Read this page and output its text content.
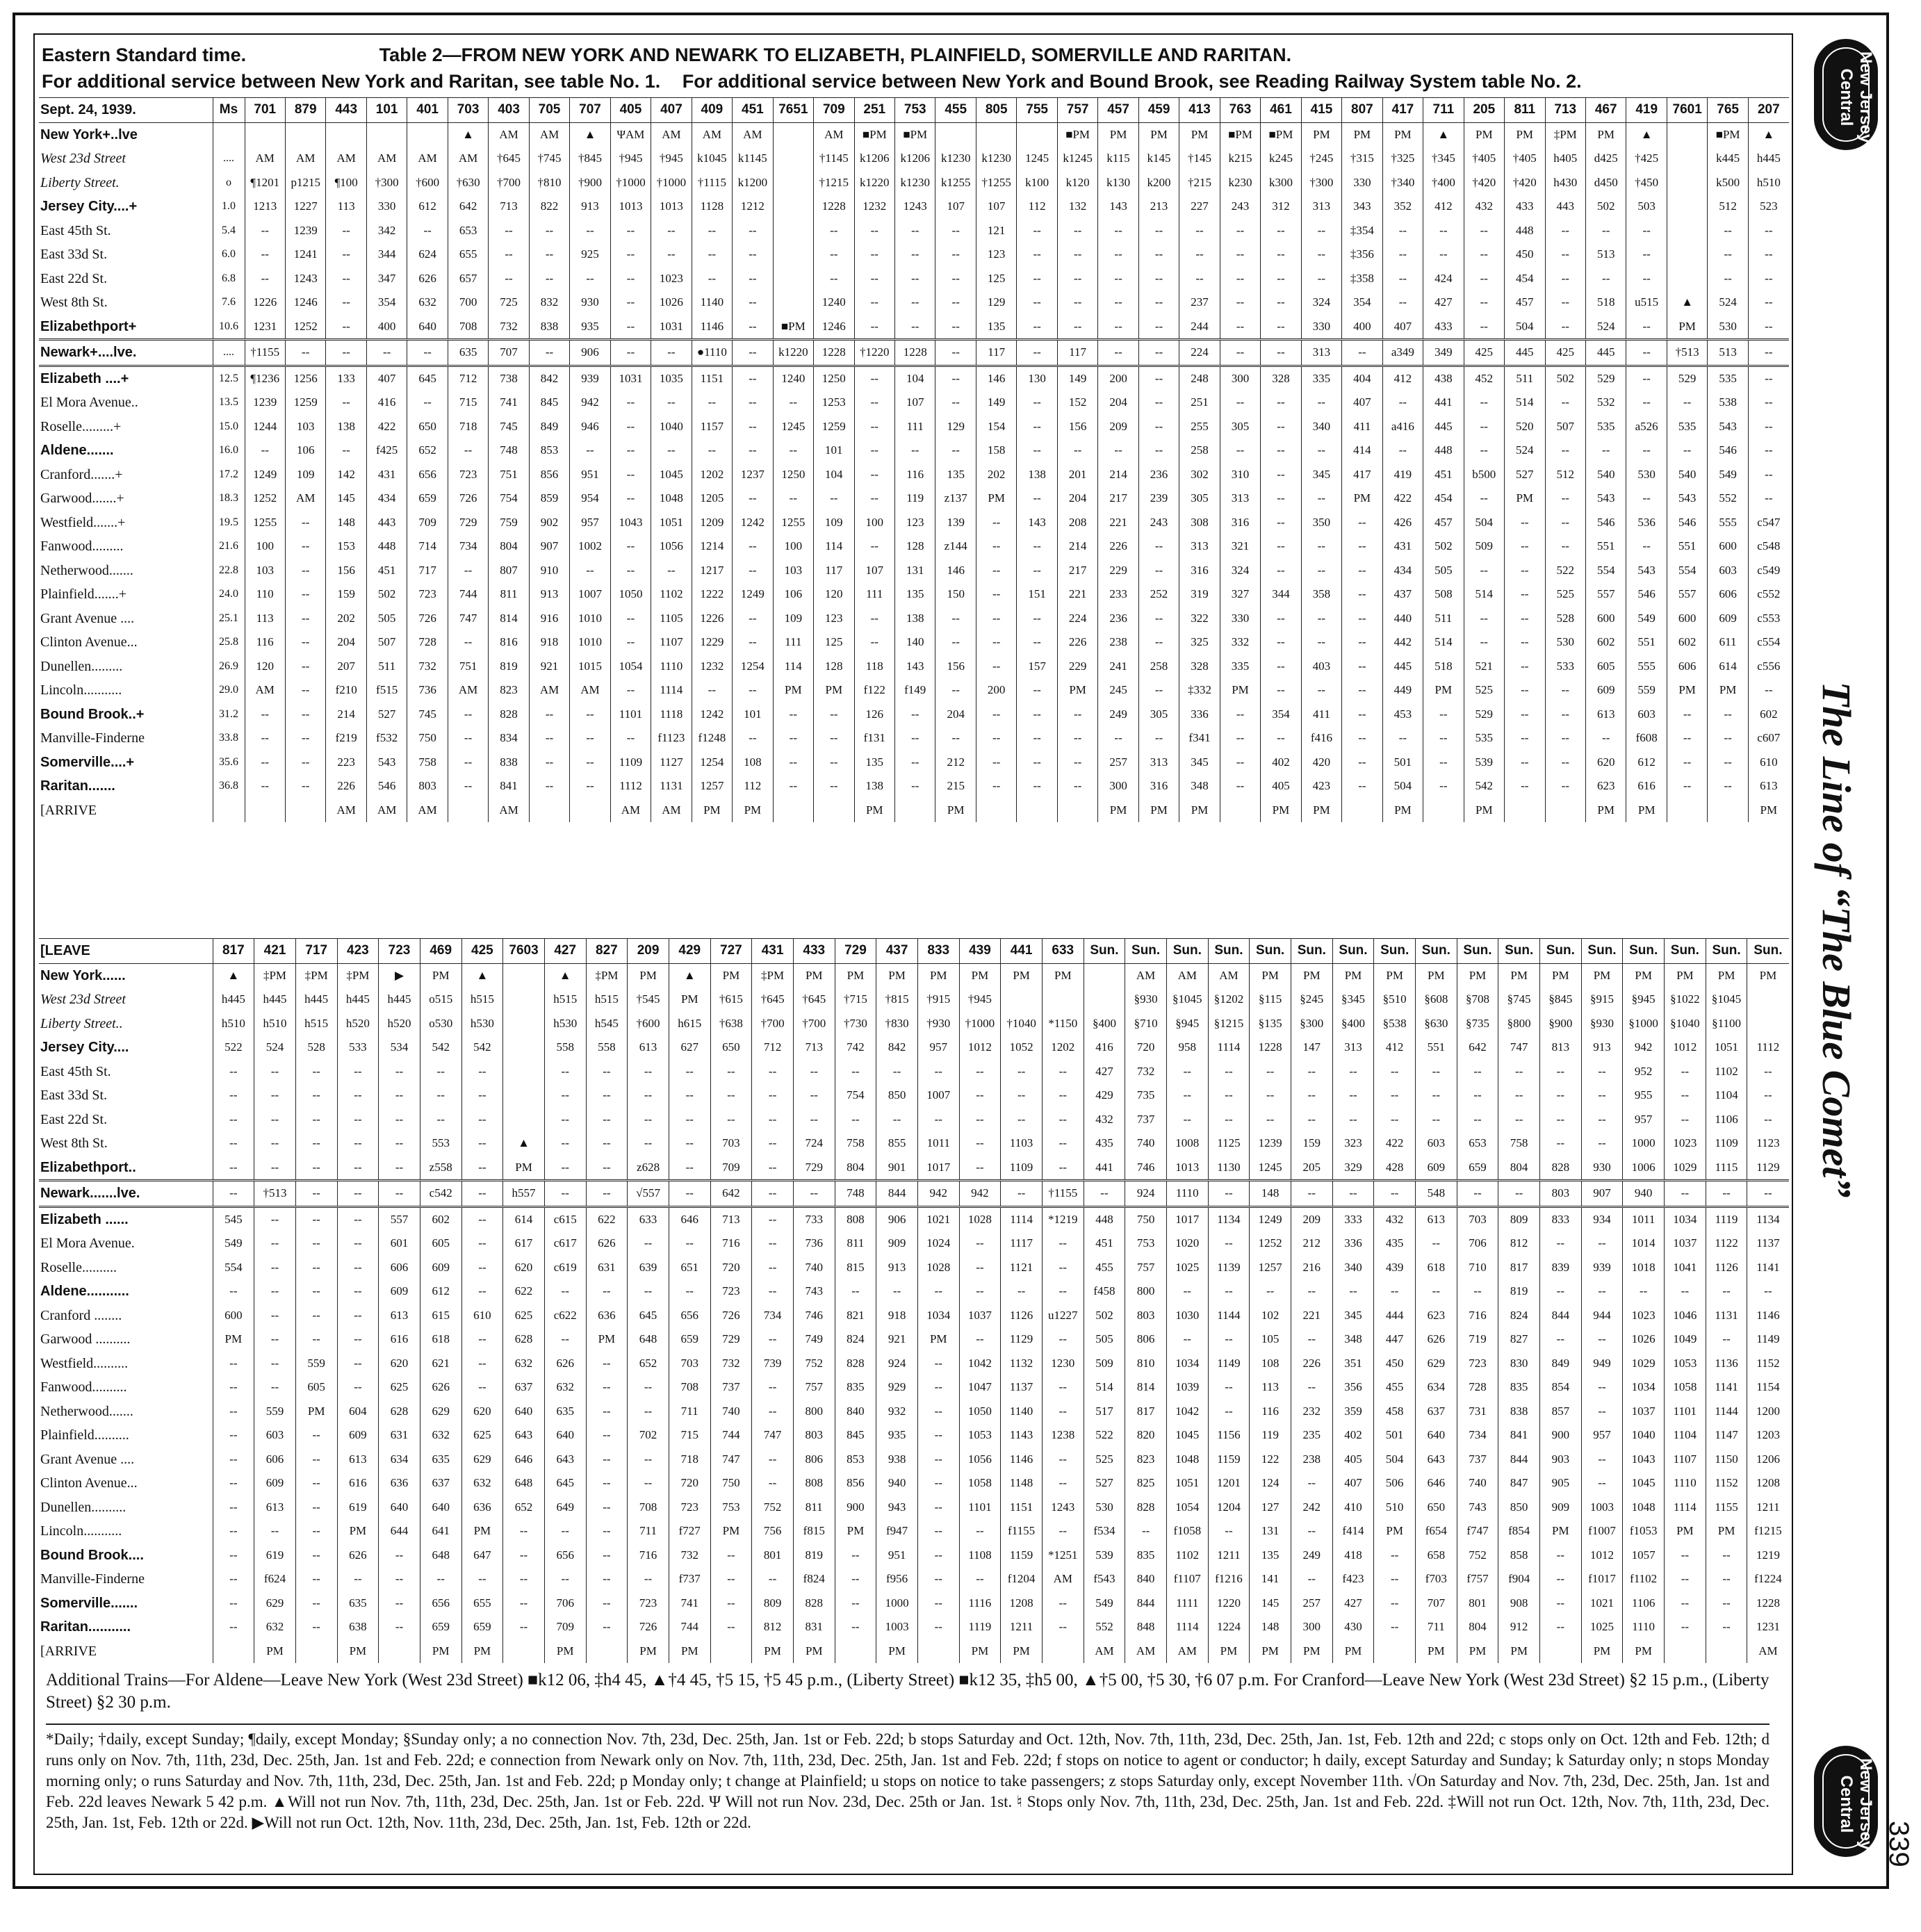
Eastern Standard time.	Table 2—FROM NEW YORK AND NEWARK TO ELIZABETH, PLAINFIELD, SOMERVILLE AND RARITAN.
For additional service between New York and Raritan, see table No. 1. For additional service between New York and Bound Brook, see Reading Railway System table No. 2.
Sept. 24, 1939.	Ms	701	879	443	101	401	703	403	705	707	405	407	409	451	7651	709	251	753	455	805	755	757	457	459	413	763	461	415	807	417	711	205	811	713	467	419	7601	765	207
New York+..lve							▲	AM	AM	▲	ΨAM	AM	AM	AM		AM	■PM	■PM				■PM	PM	PM	PM	■PM	■PM	PM	PM	PM	▲	PM	PM	‡PM	PM	▲		■PM	▲
West 23d Street	....	AM	AM	AM	AM	AM	AM	†645	†745	†845	†945	†945	k1045	k1145		†1145	k1206	k1206	k1230	k1230	1245	k1245	k115	k145	†145	k215	k245	†245	†315	†325	†345	†405	†405	h405	d425	†425		k445	h445
Liberty Street.	o	¶1201	p1215	¶100	†300	†600	†630	†700	†810	†900	†1000	†1000	†1115	k1200		†1215	k1220	k1230	k1255	†1255	k100	k120	k130	k200	†215	k230	k300	†300	330	†340	†400	†420	†420	h430	d450	†450		k500	h510
Jersey City....+	1.0	1213	1227	113	330	612	642	713	822	913	1013	1013	1128	1212		1228	1232	1243	107	107	112	132	143	213	227	243	312	313	343	352	412	432	433	443	502	503		512	523
East 45th St.	5.4	--	1239	--	342	--	653	--	--	--	--	--	--	--		--	--	--	--	121	--	--	--	--	--	--	--	--	‡354	--	--	--	448	--	--	--		--	--
East 33d St.	6.0	--	1241	--	344	624	655	--	--	925	--	--	--	--		--	--	--	--	123	--	--	--	--	--	--	--	--	‡356	--	--	--	450	--	513	--		--	--
East 22d St.	6.8	--	1243	--	347	626	657	--	--	--	--	1023	--	--		--	--	--	--	125	--	--	--	--	--	--	--	--	‡358	--	424	--	454	--	--	--		--	--
West 8th St.	7.6	1226	1246	--	354	632	700	725	832	930	--	1026	1140	--		1240	--	--	--	129	--	--	--	--	237	--	--	324	354	--	427	--	457	--	518	u515	▲	524	--
Elizabethport+	10.6	1231	1252	--	400	640	708	732	838	935	--	1031	1146	--	■PM	1246	--	--	--	135	--	--	--	--	244	--	--	330	400	407	433	--	504	--	524	--	PM	530	--
Newark+....lve.	....	†1155	--	--	--	--	635	707	--	906	--	--	●1110	--	k1220	1228	†1220	1228	--	117	--	117	--	--	224	--	--	313	--	a349	349	425	445	425	445	--	†513	513	--
Elizabeth ....+	12.5	¶1236	1256	133	407	645	712	738	842	939	1031	1035	1151	--	1240	1250	--	104	--	146	130	149	200	--	248	300	328	335	404	412	438	452	511	502	529	--	529	535	--
El Mora Avenue..	13.5	1239	1259	--	416	--	715	741	845	942	--	--	--	--	--	1253	--	107	--	149	--	152	204	--	251	--	--	--	407	--	441	--	514	--	532	--	--	538	--
Roselle.........+	15.0	1244	103	138	422	650	718	745	849	946	--	1040	1157	--	1245	1259	--	111	129	154	--	156	209	--	255	305	--	340	411	a416	445	--	520	507	535	a526	535	543	--
Aldene.......	16.0	--	106	--	f425	652	--	748	853	--	--	--	--	--	--	101	--	--	--	158	--	--	--	--	258	--	--	--	414	--	448	--	524	--	--	--	--	546	--
Cranford.......+	17.2	1249	109	142	431	656	723	751	856	951	--	1045	1202	1237	1250	104	--	116	135	202	138	201	214	236	302	310	--	345	417	419	451	b500	527	512	540	530	540	549	--
Garwood.......+	18.3	1252	AM	145	434	659	726	754	859	954	--	1048	1205	--	--	--	--	119	z137	PM	--	204	217	239	305	313	--	--	PM	422	454	--	PM	--	543	--	543	552	--
Westfield.......+	19.5	1255	--	148	443	709	729	759	902	957	1043	1051	1209	1242	1255	109	100	123	139	--	143	208	221	243	308	316	--	350	--	426	457	504	--	--	546	536	546	555	c547
Fanwood.........	21.6	100	--	153	448	714	734	804	907	1002	--	1056	1214	--	100	114	--	128	z144	--	--	214	226	--	313	321	--	--	--	431	502	509	--	--	551	--	551	600	c548
Netherwood.......	22.8	103	--	156	451	717	--	807	910	--	--	--	1217	--	103	117	107	131	146	--	--	217	229	--	316	324	--	--	--	434	505	--	--	522	554	543	554	603	c549
Plainfield.......+	24.0	110	--	159	502	723	744	811	913	1007	1050	1102	1222	1249	106	120	111	135	150	--	151	221	233	252	319	327	344	358	--	437	508	514	--	525	557	546	557	606	c552
Grant Avenue ....	25.1	113	--	202	505	726	747	814	916	1010	--	1105	1226	--	109	123	--	138	--	--	--	224	236	--	322	330	--	--	--	440	511	--	--	528	600	549	600	609	c553
Clinton Avenue...	25.8	116	--	204	507	728	--	816	918	1010	--	1107	1229	--	111	125	--	140	--	--	--	226	238	--	325	332	--	--	--	442	514	--	--	530	602	551	602	611	c554
Dunellen.........	26.9	120	--	207	511	732	751	819	921	1015	1054	1110	1232	1254	114	128	118	143	156	--	157	229	241	258	328	335	--	403	--	445	518	521	--	533	605	555	606	614	c556
Lincoln...........	29.0	AM	--	f210	f515	736	AM	823	AM	AM	--	1114	--	--	PM	PM	f122	f149	--	200	--	PM	245	--	‡332	PM	--	--	--	449	PM	525	--	--	609	559	PM	PM	--
Bound Brook..+	31.2	--	--	214	527	745	--	828	--	--	1101	1118	1242	101	--	--	126	--	204	--	--	--	249	305	336	--	354	411	--	453	--	529	--	--	613	603	--	--	602
Manville-Finderne	33.8	--	--	f219	f532	750	--	834	--	--	--	f1123	f1248	--	--	--	f131	--	--	--	--	--	--	--	f341	--	--	f416	--	--	--	535	--	--	--	f608	--	--	c607
Somerville....+	35.6	--	--	223	543	758	--	838	--	--	1109	1127	1254	108	--	--	135	--	212	--	--	--	257	313	345	--	402	420	--	501	--	539	--	--	620	612	--	--	610
Raritan.......	36.8	--	--	226	546	803	--	841	--	--	1112	1131	1257	112	--	--	138	--	215	--	--	--	300	316	348	--	405	423	--	504	--	542	--	--	623	616	--	--	613
[ARRIVE				AM	AM	AM		AM			AM	AM	PM	PM			PM		PM				PM	PM	PM		PM	PM		PM		PM			PM	PM			PM
[LEAVE	817	421	717	423	723	469	425	7603	427	827	209	429	727	431	433	729	437	833	439	441	633	Sun.	Sun.	Sun.	Sun.	Sun.	Sun.	Sun.	Sun.	Sun.	Sun.	Sun.	Sun.	Sun.	Sun.	Sun.	Sun.	Sun.
New York......	▲	‡PM	‡PM	‡PM	▶	PM	▲		▲	‡PM	PM	▲	PM	‡PM	PM	PM	PM	PM	PM	PM	PM		AM	AM	AM	PM	PM	PM	PM	PM	PM	PM	PM	PM	PM	PM	PM	PM
West 23d Street	h445	h445	h445	h445	h445	o515	h515		h515	h515	†545	PM	†615	†645	†645	†715	†815	†915	†945				§930	§1045	§1202	§115	§245	§345	§510	§608	§708	§745	§845	§915	§945	§1022	§1045	
Liberty Street..	h510	h510	h515	h520	h520	o530	h530		h530	h545	†600	h615	†638	†700	†700	†730	†830	†930	†1000	†1040	*1150	§400	§710	§945	§1215	§135	§300	§400	§538	§630	§735	§800	§900	§930	§1000	§1040	§1100	
Jersey City....	522	524	528	533	534	542	542		558	558	613	627	650	712	713	742	842	957	1012	1052	1202	416	720	958	1114	1228	147	313	412	551	642	747	813	913	942	1012	1051	1112
East 45th St.	--	--	--	--	--	--	--		--	--	--	--	--	--	--	--	--	--	--	--	--	427	732	--	--	--	--	--	--	--	--	--	--	--	952	--	1102	--
East 33d St.	--	--	--	--	--	--	--		--	--	--	--	--	--	--	754	850	1007	--	--	--	429	735	--	--	--	--	--	--	--	--	--	--	--	955	--	1104	--
East 22d St.	--	--	--	--	--	--	--		--	--	--	--	--	--	--	--	--	--	--	--	--	432	737	--	--	--	--	--	--	--	--	--	--	--	957	--	1106	--
West 8th St.	--	--	--	--	--	553	--	▲	--	--	--	--	703	--	724	758	855	1011	--	1103	--	435	740	1008	1125	1239	159	323	422	603	653	758	--	--	1000	1023	1109	1123
Elizabethport..	--	--	--	--	--	z558	--	PM	--	--	z628	--	709	--	729	804	901	1017	--	1109	--	441	746	1013	1130	1245	205	329	428	609	659	804	828	930	1006	1029	1115	1129
Newark.......lve.	--	†513	--	--	--	c542	--	h557	--	--	√557	--	642	--	--	748	844	942	942	--	†1155	--	924	1110	--	148	--	--	--	548	--	--	803	907	940	--	--	--
Elizabeth ......	545	--	--	--	557	602	--	614	c615	622	633	646	713	--	733	808	906	1021	1028	1114	*1219	448	750	1017	1134	1249	209	333	432	613	703	809	833	934	1011	1034	1119	1134
El Mora Avenue.	549	--	--	--	601	605	--	617	c617	626	--	--	716	--	736	811	909	1024	--	1117	--	451	753	1020	--	1252	212	336	435	--	706	812	--	--	1014	1037	1122	1137
Roselle..........	554	--	--	--	606	609	--	620	c619	631	639	651	720	--	740	815	913	1028	--	1121	--	455	757	1025	1139	1257	216	340	439	618	710	817	839	939	1018	1041	1126	1141
Aldene...........	--	--	--	--	609	612	--	622	--	--	--	--	723	--	743	--	--	--	--	--	--	f458	800	--	--	--	--	--	--	--	--	819	--	--	--	--	--	--
Cranford ........	600	--	--	--	613	615	610	625	c622	636	645	656	726	734	746	821	918	1034	1037	1126	u1227	502	803	1030	1144	102	221	345	444	623	716	824	844	944	1023	1046	1131	1146
Garwood ..........	PM	--	--	--	616	618	--	628	--	PM	648	659	729	--	749	824	921	PM	--	1129	--	505	806	--	--	105	--	348	447	626	719	827	--	--	1026	1049	--	1149
Westfield..........	--	--	559	--	620	621	--	632	626	--	652	703	732	739	752	828	924	--	1042	1132	1230	509	810	1034	1149	108	226	351	450	629	723	830	849	949	1029	1053	1136	1152
Fanwood..........	--	--	605	--	625	626	--	637	632	--	--	708	737	--	757	835	929	--	1047	1137	--	514	814	1039	--	113	--	356	455	634	728	835	854	--	1034	1058	1141	1154
Netherwood.......	--	559	PM	604	628	629	620	640	635	--	--	711	740	--	800	840	932	--	1050	1140	--	517	817	1042	--	116	232	359	458	637	731	838	857	--	1037	1101	1144	1200
Plainfield..........	--	603	--	609	631	632	625	643	640	--	702	715	744	747	803	845	935	--	1053	1143	1238	522	820	1045	1156	119	235	402	501	640	734	841	900	957	1040	1104	1147	1203
Grant Avenue ....	--	606	--	613	634	635	629	646	643	--	--	718	747	--	806	853	938	--	1056	1146	--	525	823	1048	1159	122	238	405	504	643	737	844	903	--	1043	1107	1150	1206
Clinton Avenue...	--	609	--	616	636	637	632	648	645	--	--	720	750	--	808	856	940	--	1058	1148	--	527	825	1051	1201	124	--	407	506	646	740	847	905	--	1045	1110	1152	1208
Dunellen..........	--	613	--	619	640	640	636	652	649	--	708	723	753	752	811	900	943	--	1101	1151	1243	530	828	1054	1204	127	242	410	510	650	743	850	909	1003	1048	1114	1155	1211
Lincoln...........	--	--	--	PM	644	641	PM	--	--	--	711	f727	PM	756	f815	PM	f947	--	--	f1155	--	f534	--	f1058	--	131	--	f414	PM	f654	f747	f854	PM	f1007	f1053	PM	PM	f1215
Bound Brook....	--	619	--	626	--	648	647	--	656	--	716	732	--	801	819	--	951	--	1108	1159	*1251	539	835	1102	1211	135	249	418	--	658	752	858	--	1012	1057	--	--	1219
Manville-Finderne	--	f624	--	--	--	--	--	--	--	--	--	f737	--	--	f824	--	f956	--	--	f1204	AM	f543	840	f1107	f1216	141	--	f423	--	f703	f757	f904	--	f1017	f1102	--	--	f1224
Somerville.......	--	629	--	635	--	656	655	--	706	--	723	741	--	809	828	--	1000	--	1116	1208	--	549	844	1111	1220	145	257	427	--	707	801	908	--	1021	1106	--	--	1228
Raritan...........	--	632	--	638	--	659	659	--	709	--	726	744	--	812	831	--	1003	--	1119	1211	--	552	848	1114	1224	148	300	430	--	711	804	912	--	1025	1110	--	--	1231
[ARRIVE		PM		PM		PM	PM		PM		PM	PM		PM	PM		PM		PM	PM		AM	AM	AM	PM	PM	PM	PM		PM	PM	PM		PM	PM			AM
Additional Trains—For Aldene—Leave New York (West 23d Street) ■k12 06, ‡h4 45, ▲†4 45, †5 15, †5 45 p.m., (Liberty Street) ■k12 35, ‡h5 00, ▲†5 00, †5 30, †6 07 p.m. For Cranford—Leave New York (West 23d Street) §2 15 p.m., (Liberty Street) §2 30 p.m.
*Daily; †daily, except Sunday; ¶daily, except Monday; §Sunday only; a no connection Nov. 7th, 23d, Dec. 25th, Jan. 1st or Feb. 22d; b stops Saturday and Oct. 12th, Nov. 7th, 11th, 23d, Dec. 25th, Jan. 1st, Feb. 12th and 22d; c stops only on Oct. 12th and Feb. 12th; d runs only on Nov. 7th, 11th, 23d, Dec. 25th, Jan. 1st and Feb. 22d; e connection from Newark only on Nov. 7th, 11th, 23d, Dec. 25th, Jan. 1st and Feb. 22d; f stops on notice to agent or conductor; h daily, except Saturday and Sunday; k Saturday only; n stops Monday morning only; o runs Saturday and Nov. 7th, 11th, 23d, Dec. 25th, Jan. 1st and Feb. 22d; p Monday only; t change at Plainfield; u stops on notice to take passengers; z stops Saturday only, except November 11th. √On Saturday and Nov. 7th, 23d, Dec. 25th, Jan. 1st and Feb. 22d leaves Newark 5 42 p.m. ▲Will not run Nov. 7th, 11th, 23d, Dec. 25th, Jan. 1st or Feb. 22d. Ψ Will not run Nov. 23d, Dec. 25th or Jan. 1st. ♮ Stops only Nov. 7th, 11th, 23d, Dec. 25th, Jan. 1st and Feb. 22d. ‡Will not run Oct. 12th, Nov. 7th, 11th, 23d, Dec. 25th, Jan. 1st, Feb. 12th or 22d. ▶Will not run Oct. 12th, Nov. 11th, 23d, Dec. 25th, Jan. 1st, Feb. 12th or 22d.
New Jersey Central
The Line of “The Blue Comet”
New Jersey Central
339
